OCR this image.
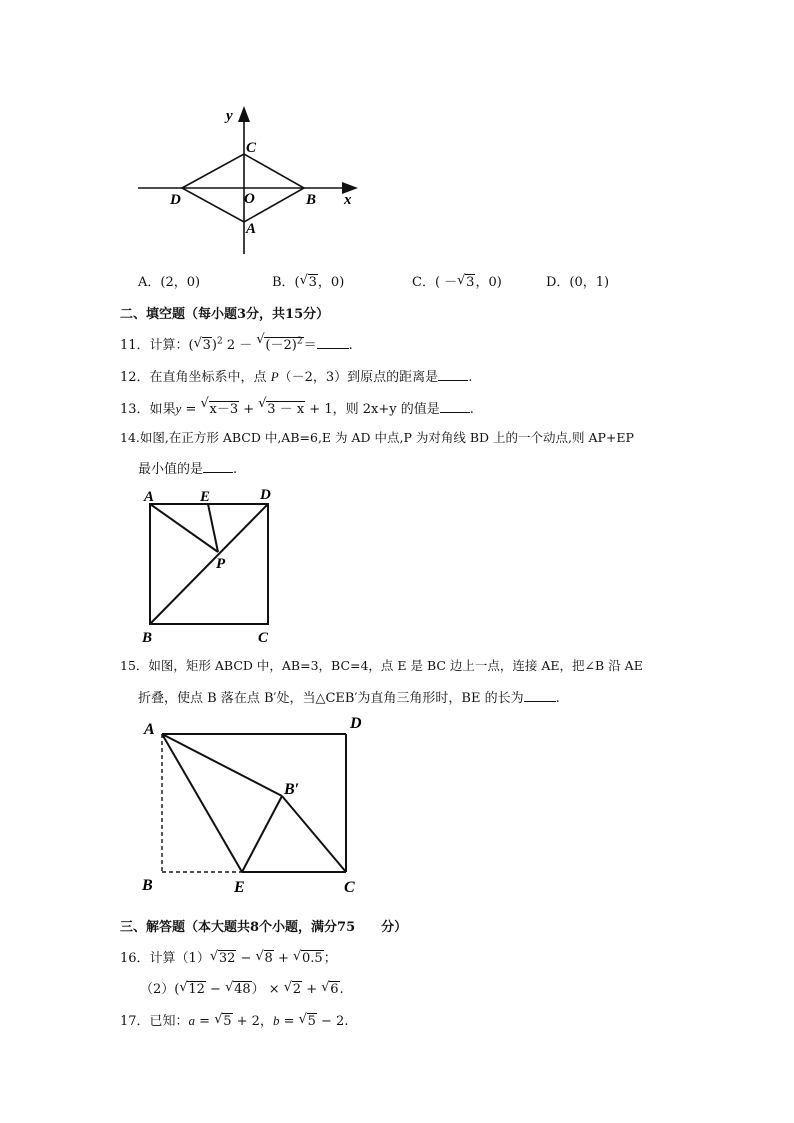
y
C
O	B
D	x
A
A．(2，0)	B．( √ 3，0)	C．( － √ 3，0)	D．(0，1)
二、填空题（每小题3分，共15分）
11．计算：( √ 3)$^2$ 2 － √ $(-2)^2=$ .
12．在直角坐标系中，点 P（－2，3）到原点的距离是 .
13．如果y = √ x－3 + √ 3 － x + 1，则 2x+y 的值是 .
14.如图,在正方形 ABCD 中,AB=6,E 为 AD 中点,P 为对角线 BD 上的一个动点,则 AP+EP
最小值的是 .
A	E	D
P
B	C
15．如图，矩形 ABCD 中，AB=3，BC=4，点 E 是 BC 边上一点，连接 AE，把∠B 沿 AE
折叠，使点 B 落在点 B′处，当△CEB′为直角三角形时，BE 的长为 .
A	D
B′
B	E	C
三、解答题（本大题共8个小题，满分75　　分）
16．计算（1） √ 32 − √ 8 + √ 0.5；
（2）( √ 12 − √ 48） × √ 2 + √ 6.
17．已知：a = √ 5 + 2，b = √ 5 − 2.
